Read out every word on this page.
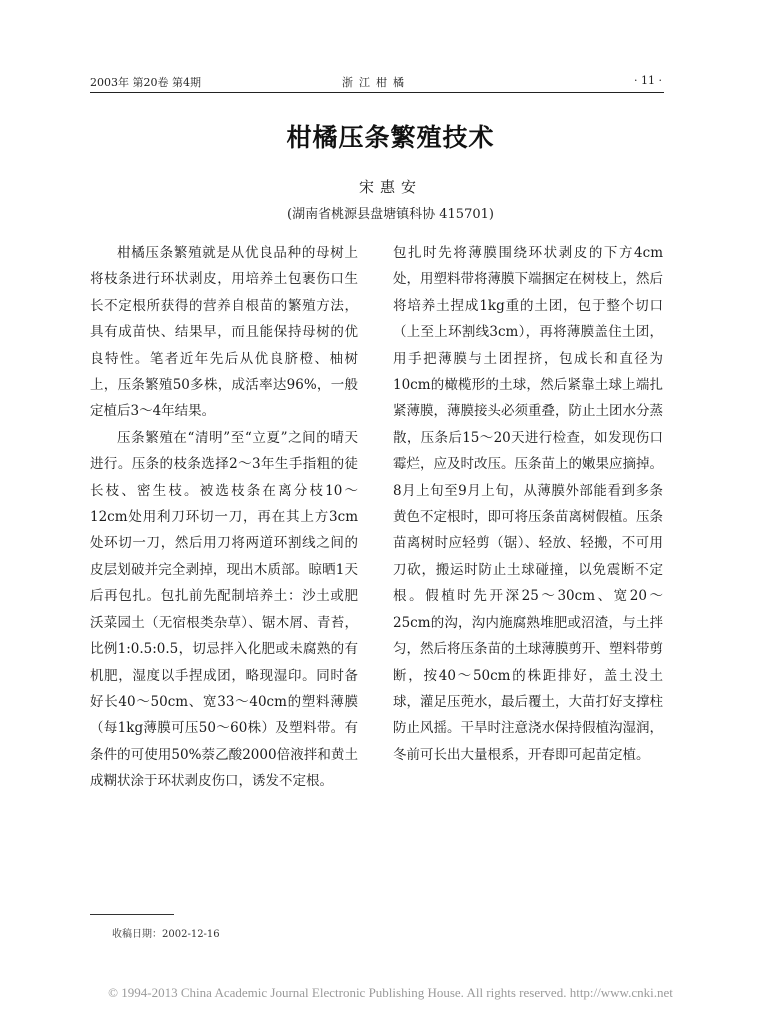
2003年 第20卷 第4期	浙江柑橘	· 11 ·
柑橘压条繁殖技术
宋惠安
(湖南省桃源县盘塘镇科协 415701)

柑橘压条繁殖就是从优良品种的母树上将枝条进行环状剥皮，用培养土包裹伤口生长不定根所获得的营养自根苗的繁殖方法，具有成苗快、结果早，而且能保持母树的优良特性。笔者近年先后从优良脐橙、柚树上，压条繁殖50多株，成活率达96%，一般定植后3～4年结果。

压条繁殖在“清明”至“立夏”之间的晴天进行。压条的枝条选择2～3年生手指粗的徒长枝、密生枝。被选枝条在离分枝10～12cm处用利刀环切一刀，再在其上方3cm处环切一刀，然后用刀将两道环割线之间的皮层划破并完全剥掉，现出木质部。晾晒1天后再包扎。包扎前先配制培养土：沙土或肥沃菜园土（无宿根类杂草）、锯木屑、青苔，比例1:0.5:0.5，切忌拌入化肥或未腐熟的有机肥，湿度以手捏成团，略现湿印。同时备好长40～50cm、宽33～40cm的塑料薄膜（每1kg薄膜可压50～60株）及塑料带。有条件的可使用50%萘乙酸2000倍液拌和黄土成糊状涂于环状剥皮伤口，诱发不定根。

包扎时先将薄膜围绕环状剥皮的下方4cm处，用塑料带将薄膜下端捆定在树枝上，然后将培养土捏成1kg重的土团，包于整个切口（上至上环割线3cm），再将薄膜盖住土团，用手把薄膜与土团捏挤，包成长和直径为10cm的橄榄形的土球，然后紧靠土球上端扎紧薄膜，薄膜接头必须重叠，防止土团水分蒸散，压条后15～20天进行检查，如发现伤口霉烂，应及时改压。压条苗上的嫩果应摘掉。8月上旬至9月上旬，从薄膜外部能看到多条黄色不定根时，即可将压条苗离树假植。压条苗离树时应轻剪（锯）、轻放、轻搬，不可用刀砍，搬运时防止土球碰撞，以免震断不定根。假植时先开深25～30cm、宽20～25cm的沟，沟内施腐熟堆肥或沼渣，与土拌匀，然后将压条苗的土球薄膜剪开、塑料带剪断，按40～50cm的株距排好，盖土没土球，灌足压蔸水，最后覆土，大苗打好支撑柱防止风摇。干旱时注意浇水保持假植沟湿润，冬前可长出大量根系，开春即可起苗定植。

收稿日期：2002-12-16
© 1994-2013 China Academic Journal Electronic Publishing House. All rights reserved. http://www.cnki.net
